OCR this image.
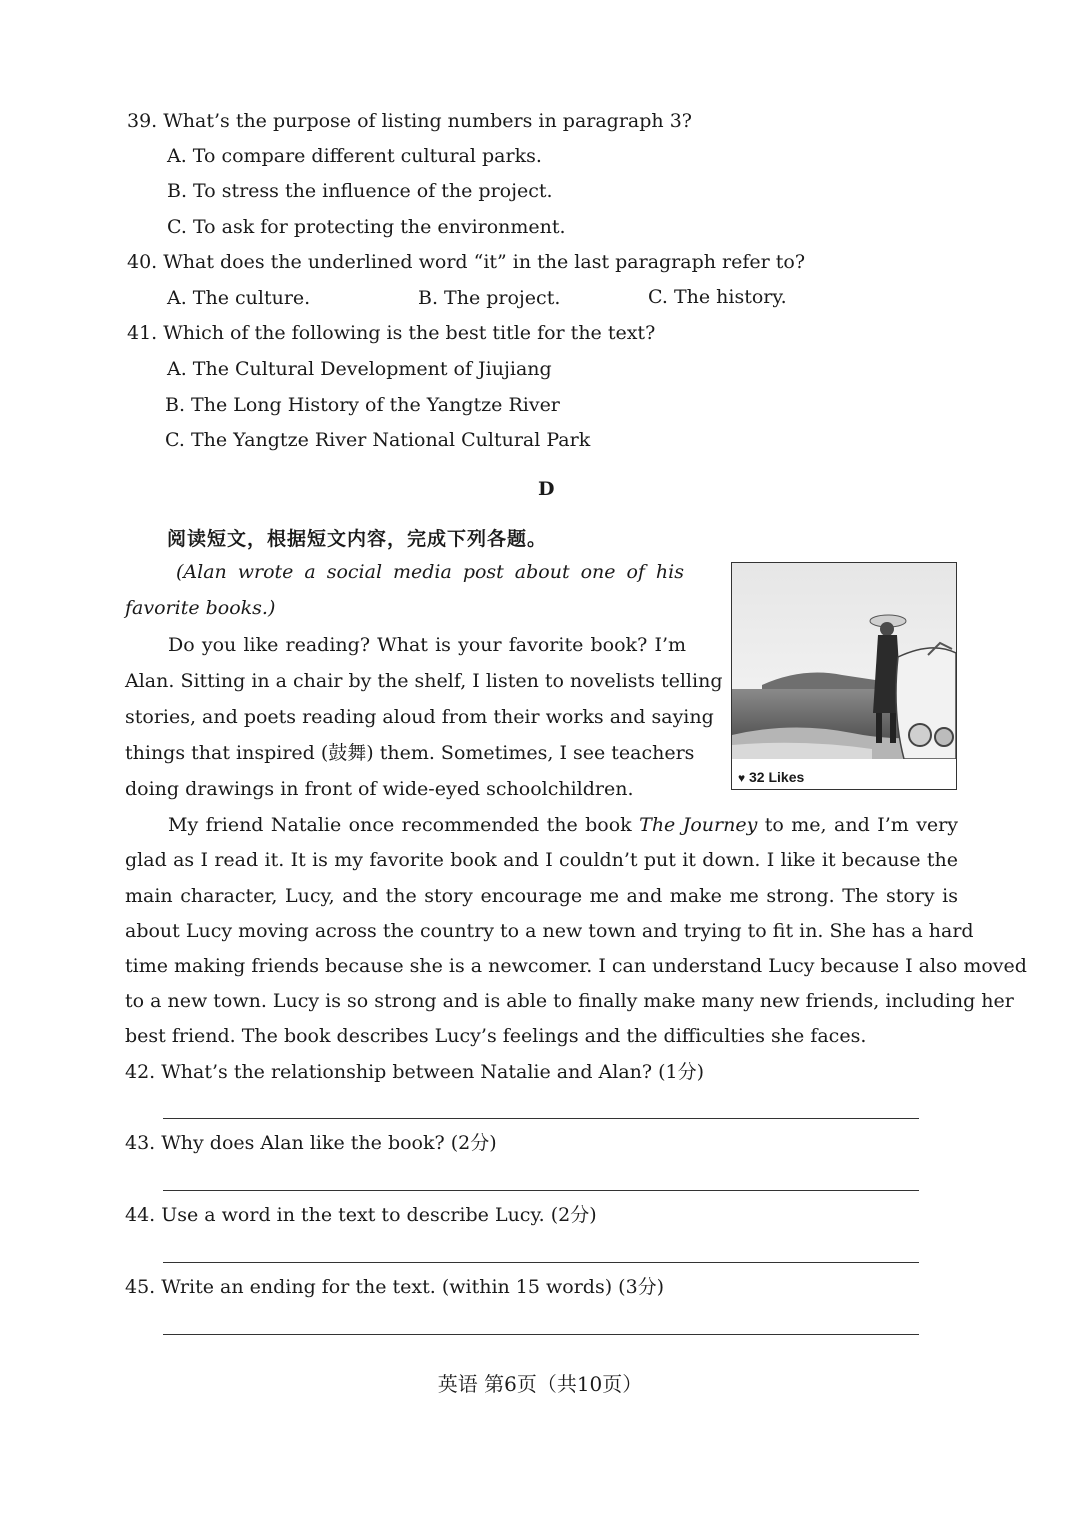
39. What’s the purpose of listing numbers in paragraph 3?
A. To compare different cultural parks.
B. To stress the influence of the project.
C. To ask for protecting the environment.
40. What does the underlined word “it” in the last paragraph refer to?
A. The culture.	B. The project.	C. The history.
41. Which of the following is the best title for the text?
A. The Cultural Development of Jiujiang
B. The Long History of the Yangtze River
C. The Yangtze River National Cultural Park
D
阅读短文，根据短文内容，完成下列各题。
(Alan wrote a social media post about one of his
favorite books.)
Do you like reading? What is your favorite book? I’m
Alan. Sitting in a chair by the shelf, I listen to novelists telling
stories, and poets reading aloud from their works and saying
things that inspired (鼓舞) them. Sometimes, I see teachers
doing drawings in front of wide-eyed schoolchildren.	♥ 32 Likes
My friend Natalie once recommended the book The Journey to me, and I’m very
glad as I read it. It is my favorite book and I couldn’t put it down. I like it because the
main character, Lucy, and the story encourage me and make me strong. The story is
about Lucy moving across the country to a new town and trying to fit in. She has a hard
time making friends because she is a newcomer. I can understand Lucy because I also moved
to a new town. Lucy is so strong and is able to finally make many new friends, including her
best friend. The book describes Lucy’s feelings and the difficulties she faces.
42. What’s the relationship between Natalie and Alan? (1分)
43. Why does Alan like the book? (2分)
44. Use a word in the text to describe Lucy. (2分)
45. Write an ending for the text. (within 15 words) (3分)
英语 第6页（共10页）
